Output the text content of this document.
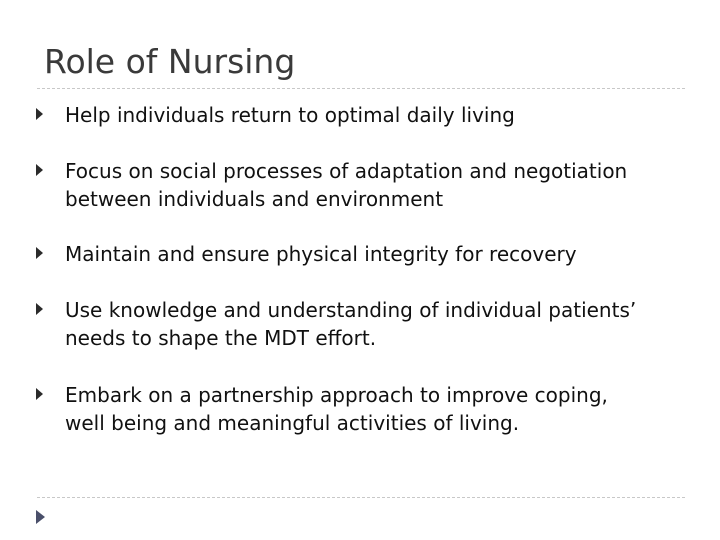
Role of Nursing
Help individuals return to optimal daily living
Focus on social processes of adaptation and negotiation
between individuals and environment
Maintain and ensure physical integrity for recovery
Use knowledge and understanding of individual patients’
needs to shape the MDT effort.
Embark on a partnership approach to improve coping,
well being and meaningful activities of living.
